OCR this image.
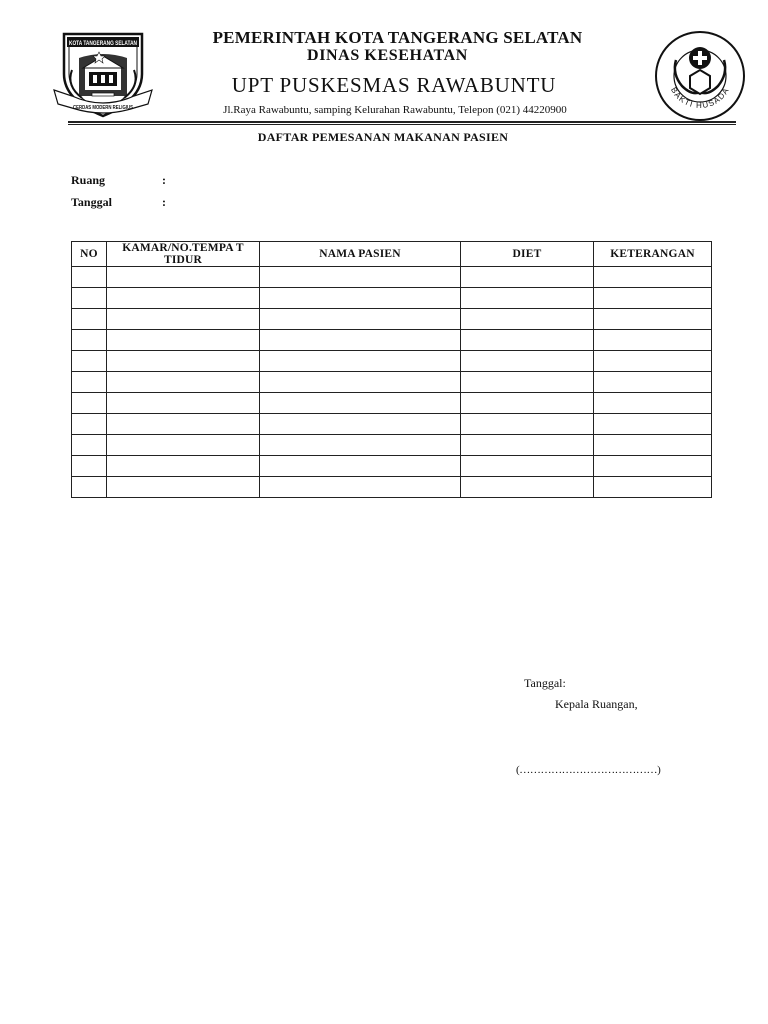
KOTA TANGERANG SELATAN
CERDAS MODERN RELIGIUS
PEMERINTAH KOTA TANGERANG SELATAN
DINAS KESEHATAN
UPT PUSKESMAS RAWABUNTU
Jl.Raya Rawabuntu, samping Kelurahan Rawabuntu, Telepon (021) 44220900
BAKTI HUSADA
DAFTAR PEMESANAN MAKANAN PASIEN
Ruang	:
Tanggal	:
NO	KAMAR/NO.TEMPA T TIDUR	NAMA PASIEN	DIET	KETERANGAN

Tanggal:
Kepala Ruangan,
(…………………………………)
